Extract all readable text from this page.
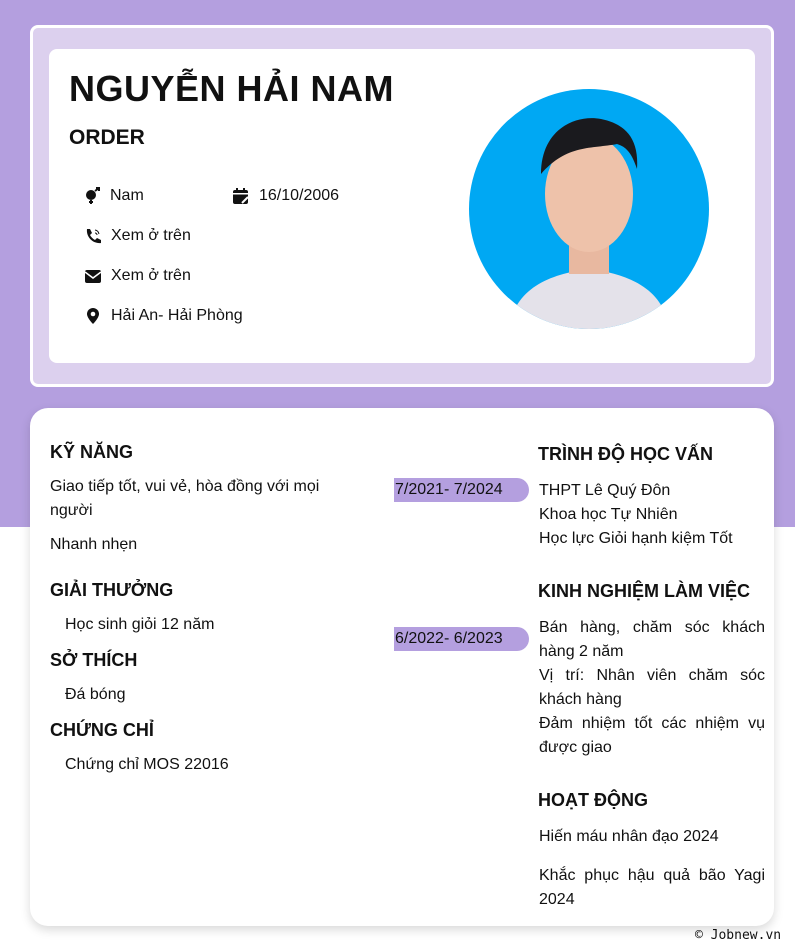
NGUYỄN HẢI NAM
ORDER
Nam	16/10/2006
Xem ở trên
Xem ở trên
Hải An- Hải Phòng
KỸ NĂNG
Giao tiếp tốt, vui vẻ, hòa đồng với mọi người
Nhanh nhẹn
GIẢI THƯỞNG
Học sinh giỏi 12 năm
SỞ THÍCH
Đá bóng
CHỨNG CHỈ
Chứng chỉ MOS 22016
TRÌNH ĐỘ HỌC VẤN
7/2021- 7/2024	THPT Lê Quý Đôn
Khoa học Tự Nhiên
Học lực Giỏi hạnh kiệm Tốt
KINH NGHIỆM LÀM VIỆC
6/2022- 6/2023
Bán hàng, chăm sóc khách hàng 2 năm
Vị trí: Nhân viên chăm sóc khách hàng
Đảm nhiệm tốt các nhiệm vụ được giao
HOẠT ĐỘNG
Hiến máu nhân đạo 2024
Khắc phục hậu quả bão Yagi 2024
© Jobnew.vn
